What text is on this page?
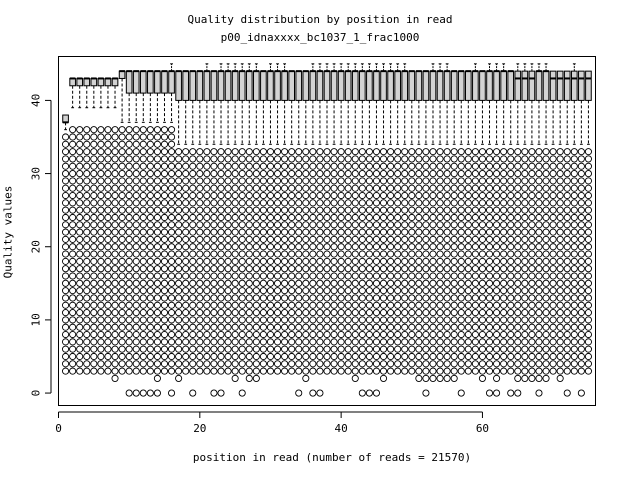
Quality distribution by position in read
p00_idnaxxxx_bc1037_1_frac1000
Quality values
position in read (number of reads = 21570)
0
10
20
30
40
0	20	40	60
